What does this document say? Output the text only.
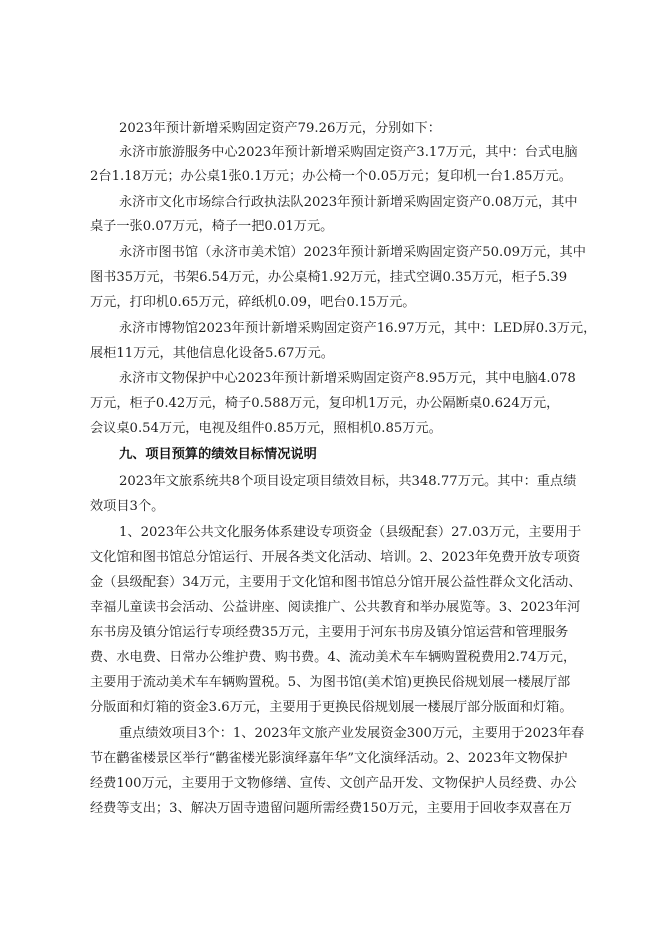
2023年预计新增采购固定资产79.26万元，分别如下：
永济市旅游服务中心2023年预计新增采购固定资产3.17万元，其中：台式电脑
2台1.18万元；办公桌1张0.1万元；办公椅一个0.05万元；复印机一台1.85万元。
永济市文化市场综合行政执法队2023年预计新增采购固定资产0.08万元，其中
桌子一张0.07万元，椅子一把0.01万元。
永济市图书馆（永济市美术馆）2023年预计新增采购固定资产50.09万元，其中
图书35万元，书架6.54万元，办公桌椅1.92万元，挂式空调0.35万元，柜子5.39
万元，打印机0.65万元，碎纸机0.09，吧台0.15万元。
永济市博物馆2023年预计新增采购固定资产16.97万元，其中：LED屏0.3万元，
展柜11万元，其他信息化设备5.67万元。
永济市文物保护中心2023年预计新增采购固定资产8.95万元，其中电脑4.078
万元，柜子0.42万元，椅子0.588万元，复印机1万元，办公隔断桌0.624万元，
会议桌0.54万元，电视及组件0.85万元，照相机0.85万元。
九、项目预算的绩效目标情况说明
2023年文旅系统共8个项目设定项目绩效目标，共348.77万元。其中：重点绩
效项目3个。
1、2023年公共文化服务体系建设专项资金（县级配套）27.03万元，主要用于
文化馆和图书馆总分馆运行、开展各类文化活动、培训。2、2023年免费开放专项资
金（县级配套）34万元，主要用于文化馆和图书馆总分馆开展公益性群众文化活动、
幸福儿童读书会活动、公益讲座、阅读推广、公共教育和举办展览等。3、2023年河
东书房及镇分馆运行专项经费35万元，主要用于河东书房及镇分馆运营和管理服务
费、水电费、日常办公维护费、购书费。4、流动美术车车辆购置税费用2.74万元，
主要用于流动美术车车辆购置税。5、为图书馆(美术馆)更换民俗规划展一楼展厅部
分版面和灯箱的资金3.6万元，主要用于更换民俗规划展一楼展厅部分版面和灯箱。
重点绩效项目3个：1、2023年文旅产业发展资金300万元，主要用于2023年春
节在鹳雀楼景区举行“鹳雀楼光影演绎嘉年华”文化演绎活动。2、2023年文物保护
经费100万元，主要用于文物修缮、宣传、文创产品开发、文物保护人员经费、办公
经费等支出；3、解决万固寺遗留问题所需经费150万元，主要用于回收李双喜在万
